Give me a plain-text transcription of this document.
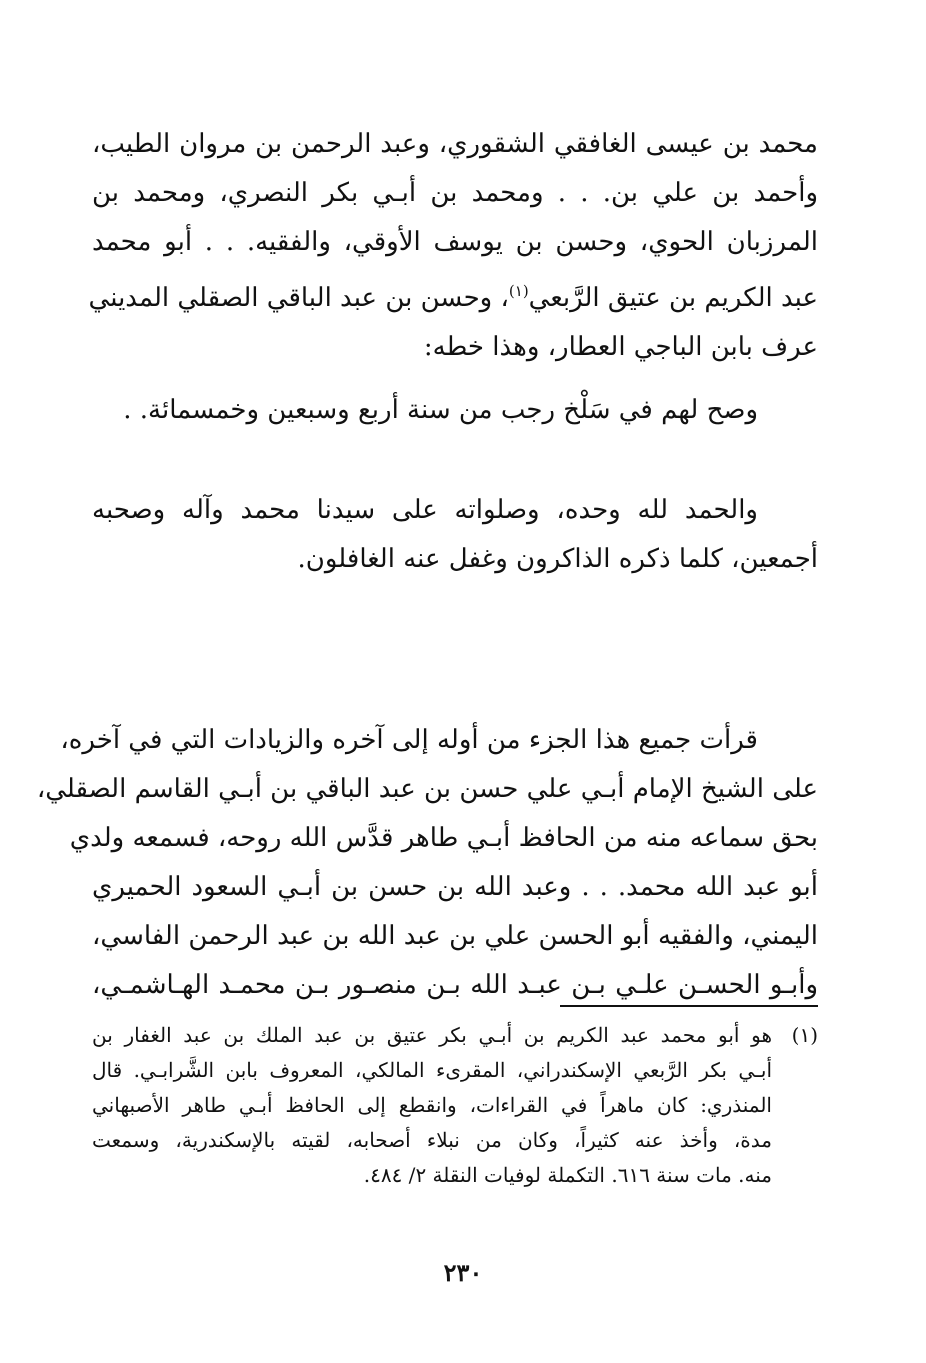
محمد بن عيسى الغافقي الشقوري، وعبد الرحمن بن مروان الطيب،
وأحمد بن علي بن. . . ومحمد بن أبـي بكر النصري، ومحمد بن
المرزبان الحوي، وحسن بن يوسف الأوقي، والفقيه. . . أبو محمد
عبد الكريم بن عتيق الرَّبعي$^{(١)}$، وحسن بن عبد الباقي الصقلي المديني
عرف بابن الباجي العطار، وهذا خطه:

وصح لهم في سَلْخ رجب من سنة أربع وسبعين وخمسمائة. .

والحمد لله وحده، وصلواته على سيدنا محمد وآله وصحبه
أجمعين، كلما ذكره الذاكرون وغفل عنه الغافلون.

قرأت جميع هذا الجزء من أوله إلى آخره والزيادات التي في آخره،
على الشيخ الإمام أبـي علي حسن بن عبد الباقي بن أبـي القاسم الصقلي،
بحق سماعه منه من الحافظ أبـي طاهر قدَّس الله روحه، فسمعه ولدي
أبو عبد الله محمد. . . وعبد الله بن حسن بن أبـي السعود الحميري
اليمني، والفقيه أبو الحسن علي بن عبد الله بن عبد الرحمن الفاسي،
وأبـو الحسـن علـي بـن عبـد الله بـن منصـور بـن محمـد الهـاشمـي،

(١)
هو أبو محمد عبد الكريم بن أبـي بكر عتيق بن عبد الملك بن عبد الغفار بن
أبـي بكر الرَّبعي الإسكندراني، المقرىء المالكي، المعروف بابن الشَّرابـي. قال
المنذري: كان ماهراً في القراءات، وانقطع إلى الحافظ أبـي طاهر الأصبهاني
مدة، وأخذ عنه كثيراً، وكان من نبلاء أصحابه، لقيته بالإسكندرية، وسمعت
منه. مات سنة ٦١٦. التكملة لوفيات النقلة ٢/ ٤٨٤.
٢٣٠
